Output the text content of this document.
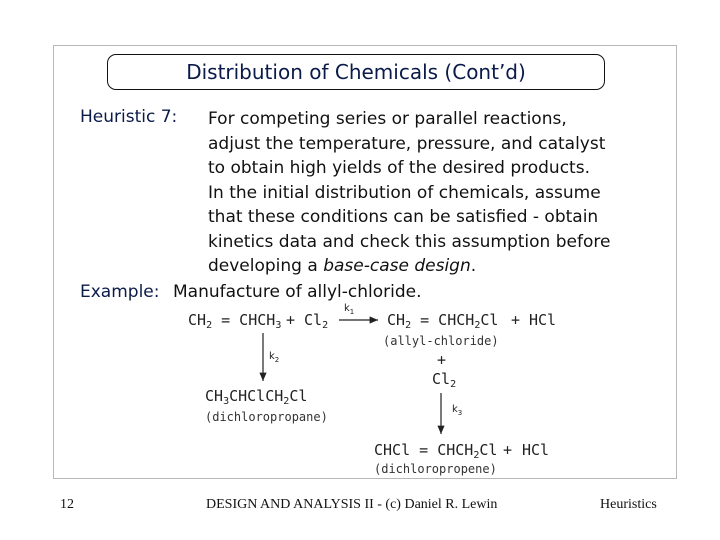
Distribution of Chemicals (Cont’d)
Heuristic 7: For competing series or parallel reactions,
adjust the temperature, pressure, and catalyst
to obtain high yields of the desired products.
In the initial distribution of chemicals, assume
that these conditions can be satisfied - obtain
kinetics data and check this assumption before
developing a base-case design.
Example: Manufacture of allyl-chloride.
$CH_2$ = $CHCH_3 + Cl_2$
$k_1$ $CH_2$ = $CHCH_2Cl$ + HCl
(allyl-chloride)
+
$Cl_2$
$k_2$
$CH_3CHClCH_2Cl$
(dichloropropane)
$k_3$
CHCl = $CHCH_2Cl$ + HCl
(dichloropropene)
12	DESIGN AND ANALYSIS II - (c) Daniel R. Lewin	Heuristics
